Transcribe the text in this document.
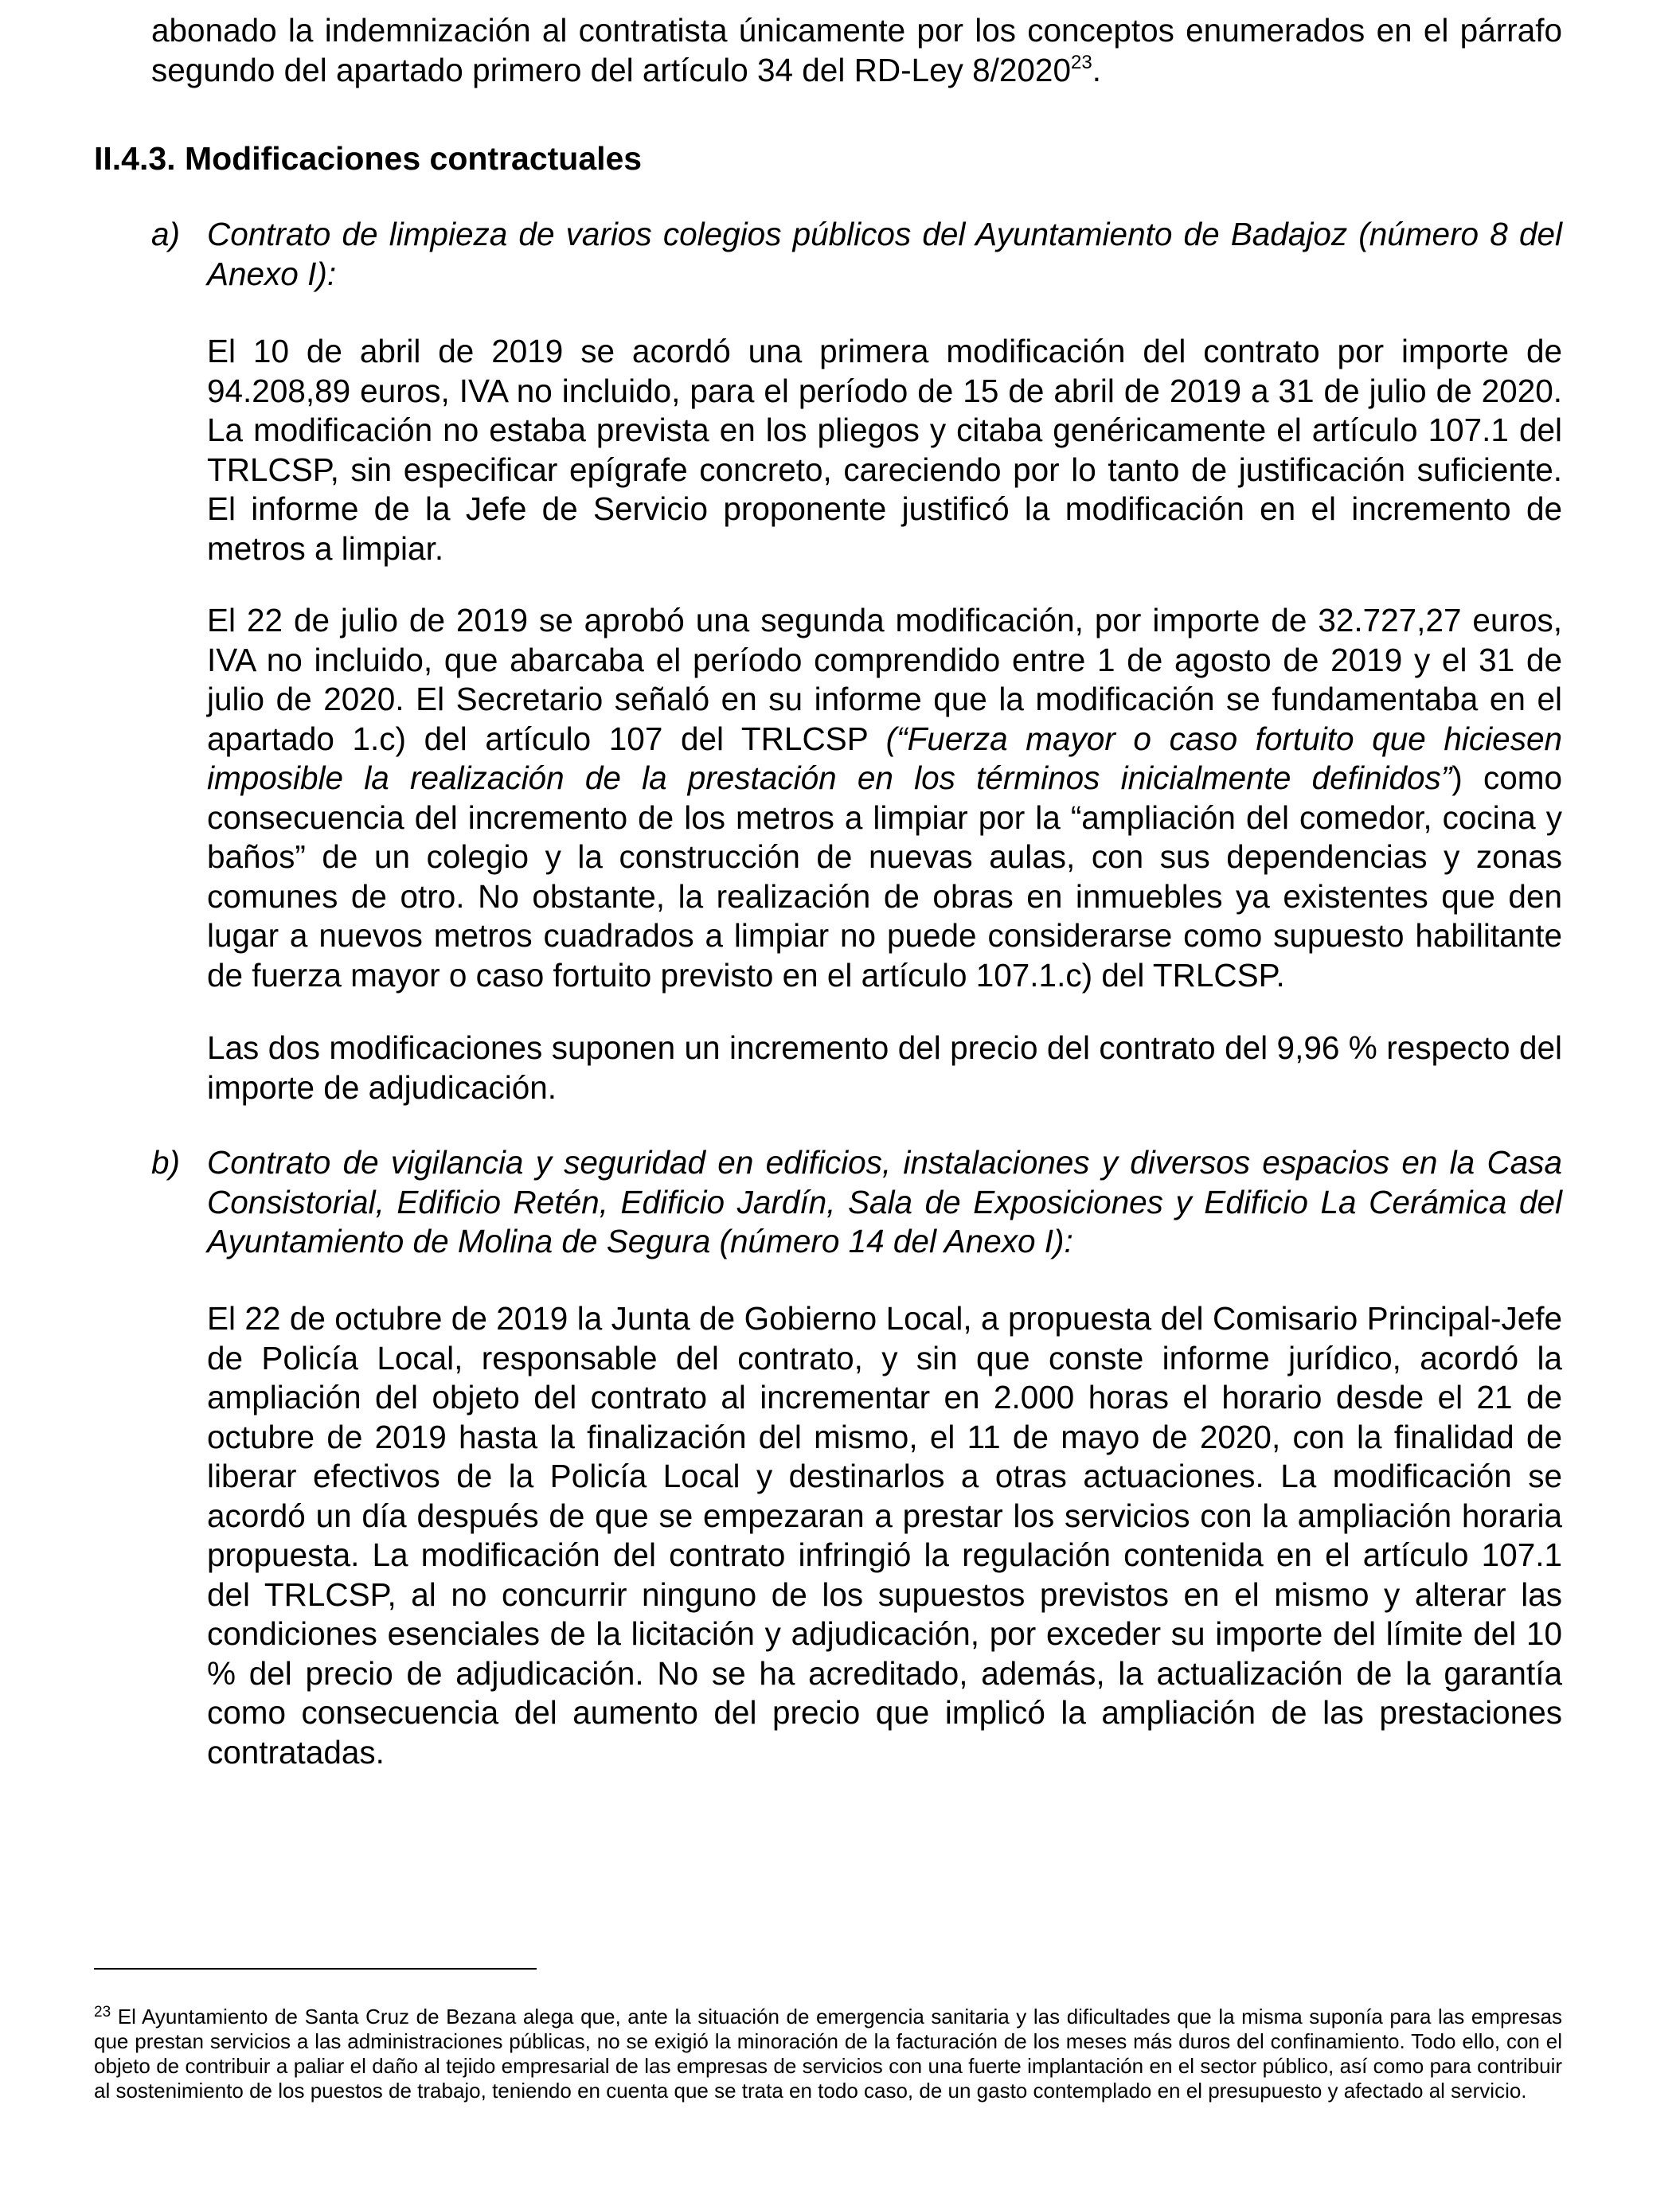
abonado la indemnización al contratista únicamente por los conceptos enumerados en el párrafo segundo del apartado primero del artículo 34 del RD-Ley 8/2020$^{23}$.

II.4.3. Modificaciones contractuales
a) Contrato de limpieza de varios colegios públicos del Ayuntamiento de Badajoz (número 8 del Anexo I):

El 10 de abril de 2019 se acordó una primera modificación del contrato por importe de 94.208,89 euros, IVA no incluido, para el período de 15 de abril de 2019 a 31 de julio de 2020. La modificación no estaba prevista en los pliegos y citaba genéricamente el artículo 107.1 del TRLCSP, sin especificar epígrafe concreto, careciendo por lo tanto de justificación suficiente. El informe de la Jefe de Servicio proponente justificó la modificación en el incremento de metros a limpiar.

El 22 de julio de 2019 se aprobó una segunda modificación, por importe de 32.727,27 euros, IVA no incluido, que abarcaba el período comprendido entre 1 de agosto de 2019 y el 31 de julio de 2020. El Secretario señaló en su informe que la modificación se fundamentaba en el apartado 1.c) del artículo 107 del TRLCSP (“Fuerza mayor o caso fortuito que hiciesen imposible la realización de la prestación en los términos inicialmente definidos”) como consecuencia del incremento de los metros a limpiar por la “ampliación del comedor, cocina y baños” de un colegio y la construcción de nuevas aulas, con sus dependencias y zonas comunes de otro. No obstante, la realización de obras en inmuebles ya existentes que den lugar a nuevos metros cuadrados a limpiar no puede considerarse como supuesto habilitante de fuerza mayor o caso fortuito previsto en el artículo 107.1.c) del TRLCSP.

Las dos modificaciones suponen un incremento del precio del contrato del 9,96 % respecto del importe de adjudicación.

b) Contrato de vigilancia y seguridad en edificios, instalaciones y diversos espacios en la Casa Consistorial, Edificio Retén, Edificio Jardín, Sala de Exposiciones y Edificio La Cerámica del Ayuntamiento de Molina de Segura (número 14 del Anexo I):

El 22 de octubre de 2019 la Junta de Gobierno Local, a propuesta del Comisario Principal-Jefe de Policía Local, responsable del contrato, y sin que conste informe jurídico, acordó la ampliación del objeto del contrato al incrementar en 2.000 horas el horario desde el 21 de octubre de 2019 hasta la finalización del mismo, el 11 de mayo de 2020, con la finalidad de liberar efectivos de la Policía Local y destinarlos a otras actuaciones. La modificación se acordó un día después de que se empezaran a prestar los servicios con la ampliación horaria propuesta. La modificación del contrato infringió la regulación contenida en el artículo 107.1 del TRLCSP, al no concurrir ninguno de los supuestos previstos en el mismo y alterar las condiciones esenciales de la licitación y adjudicación, por exceder su importe del límite del 10 % del precio de adjudicación. No se ha acreditado, además, la actualización de la garantía como consecuencia del aumento del precio que implicó la ampliación de las prestaciones contratadas.

$^{23}$ El Ayuntamiento de Santa Cruz de Bezana alega que, ante la situación de emergencia sanitaria y las dificultades que la misma suponía para las empresas que prestan servicios a las administraciones públicas, no se exigió la minoración de la facturación de los meses más duros del confinamiento. Todo ello, con el objeto de contribuir a paliar el daño al tejido empresarial de las empresas de servicios con una fuerte implantación en el sector público, así como para contribuir al sostenimiento de los puestos de trabajo, teniendo en cuenta que se trata en todo caso, de un gasto contemplado en el presupuesto y afectado al servicio.
